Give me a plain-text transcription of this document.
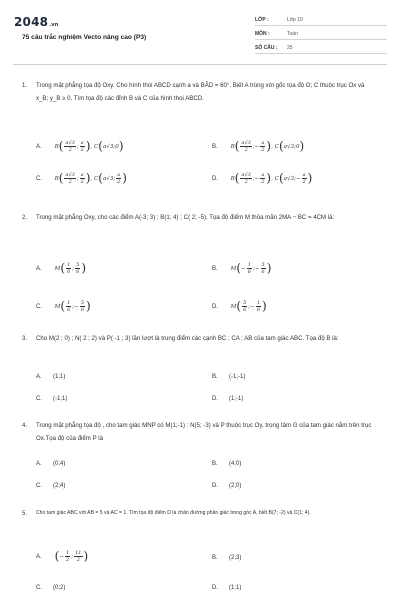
2048.vn
75 câu trắc nghiệm Vecto nâng cao (P3)
LỚP :	Lớp 10
MÔN :	Toán
SỐ CÂU : 25
1. Trong mặt phẳng tọa độ Oxy. Cho hình thoi ABCD cạnh a và BÂD = 60°. Biết A trùng với gốc tọa độ O; C thuộc trục Ox và x_B; y_B ≥ 0. Tìm tọa độ các đỉnh B và C của hình thoi ABCD.
A. $B( \frac{a√3}{2}$ ; $\frac{a}{2}$ ), C(a√3;0)	B. $B( \frac{a√3}{2}$ ;− $\frac{a}{2}$ ), C(a√3;0)
C. $B( \frac{a√3}{2}$ ; $\frac{a}{2}$ ), C(a√3; $\frac{a}{2}$ )	D. $B( \frac{a√3}{2}$ ;− $\frac{a}{2}$ ), C(a√3;− $\frac{a}{2}$ )
2. Trong mặt phẳng Oxy, cho các điểm A(-3; 3) ; B(1; 4) ; C( 2; -5). Tọa độ điểm M thỏa mãn 2MA − BC = 4CM là:
A. $M( \frac{1}{6}$ ; $\frac{5}{6}$ )	B. $M(- \frac{1}{6}$ ;− $\frac{5}{6}$ )
C. $M( \frac{1}{6}$ ;− $\frac{5}{6}$ )	D. $M( \frac{5}{6}$ ;− $\frac{1}{6}$ )
3. Cho M(2 ; 0) ; N( 2 ; 2) và P( -1 ; 3) lần lượt là trung điểm các cạnh BC ; CA ; AB của tam giác ABC. Tọa độ B là:
A. (1;1)	B. (-1;-1)
C. (-1;1)	D. (1;-1)
4. Trong mặt phẳng tọa độ , cho tam giác MNP có M(1;-1) : N(5; -3) và P thuộc trục Oy, trọng tâm G của tam giác nằm trên trục Ox.Tọa độ của điểm P là
A. (0;4)	B. (4;0)
C. (2;4)	D. (2;0)
5. Cho tam giác ABC với AB = 5 và AC = 1. Tìm tọa độ điểm D là chân đường phân giác trong góc A, biết B(7; -2) và C(1; 4).
A. (− $\frac{1}{2}$ ; $\frac{11}{2}$ )	B. (2;3)
C. (0;2)	D. (1;1)
